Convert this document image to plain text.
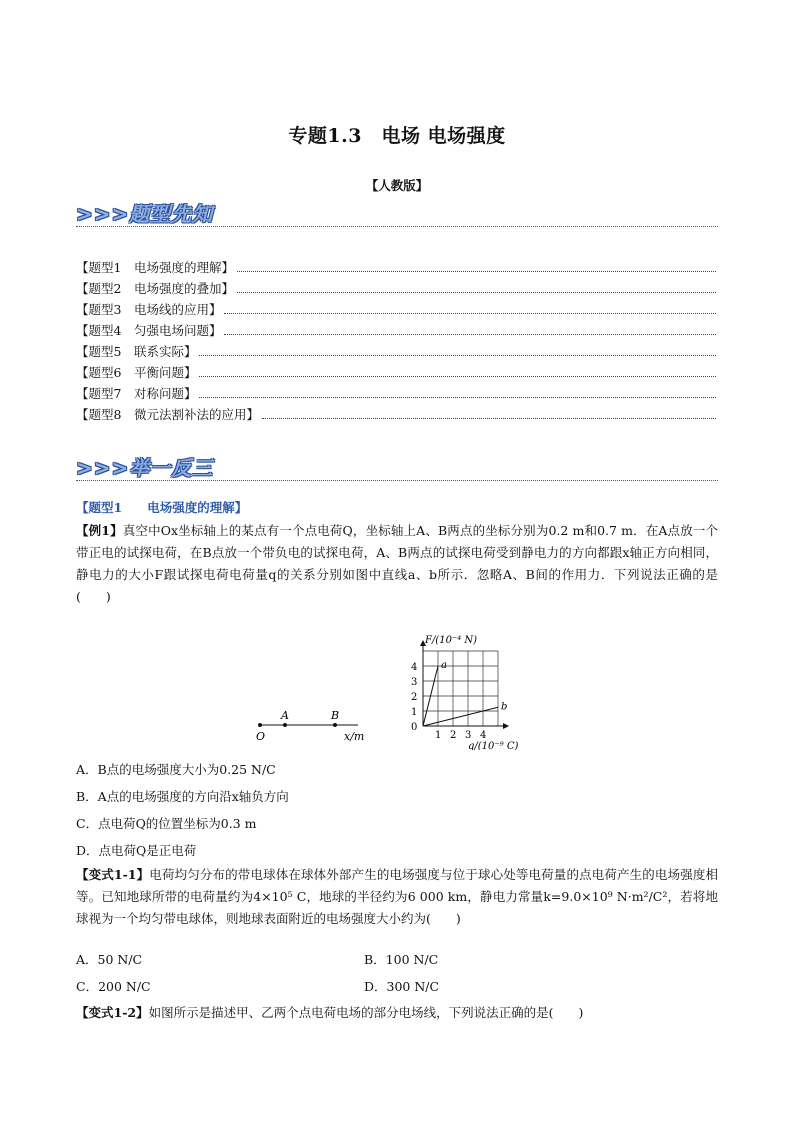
专题1.3　电场 电场强度
【人教版】
>>>题型先知
【题型1　电场强度的理解】
【题型2　电场强度的叠加】
【题型3　电场线的应用】
【题型4　匀强电场问题】
【题型5　联系实际】
【题型6　平衡问题】
【题型7　对称问题】
【题型8　微元法割补法的应用】
>>>举一反三
【题型1　　电场强度的理解】
【例1】真空中Ox坐标轴上的某点有一个点电荷Q，坐标轴上A、B两点的坐标分别为0.2 m和0.7 m．在A点放一个带正电的试探电荷，在B点放一个带负电的试探电荷，A、B两点的试探电荷受到静电力的方向都跟x轴正方向相同，静电力的大小F跟试探电荷电荷量q的关系分别如图中直线a、b所示．忽略A、B间的作用力．下列说法正确的是(　　)
O
A	B
x/m	1 2 3 4
1
2
3
4
0
F/(10⁻⁴ N)
q/(10⁻⁹ C)
a
b
A．B点的电场强度大小为0.25 N/C
B．A点的电场强度的方向沿x轴负方向
C．点电荷Q的位置坐标为0.3 m
D．点电荷Q是正电荷
【变式1-1】电荷均匀分布的带电球体在球体外部产生的电场强度与位于球心处等电荷量的点电荷产生的电场强度相等。已知地球所带的电荷量约为4×10⁵ C，地球的半径约为6 000 km，静电力常量k=9.0×10⁹ N·m²/C²，若将地球视为一个均匀带电球体，则地球表面附近的电场强度大小约为(　　)
A．50 N/C	B．100 N/C
C．200 N/C	D．300 N/C
【变式1-2】如图所示是描述甲、乙两个点电荷电场的部分电场线，下列说法正确的是(　　)
